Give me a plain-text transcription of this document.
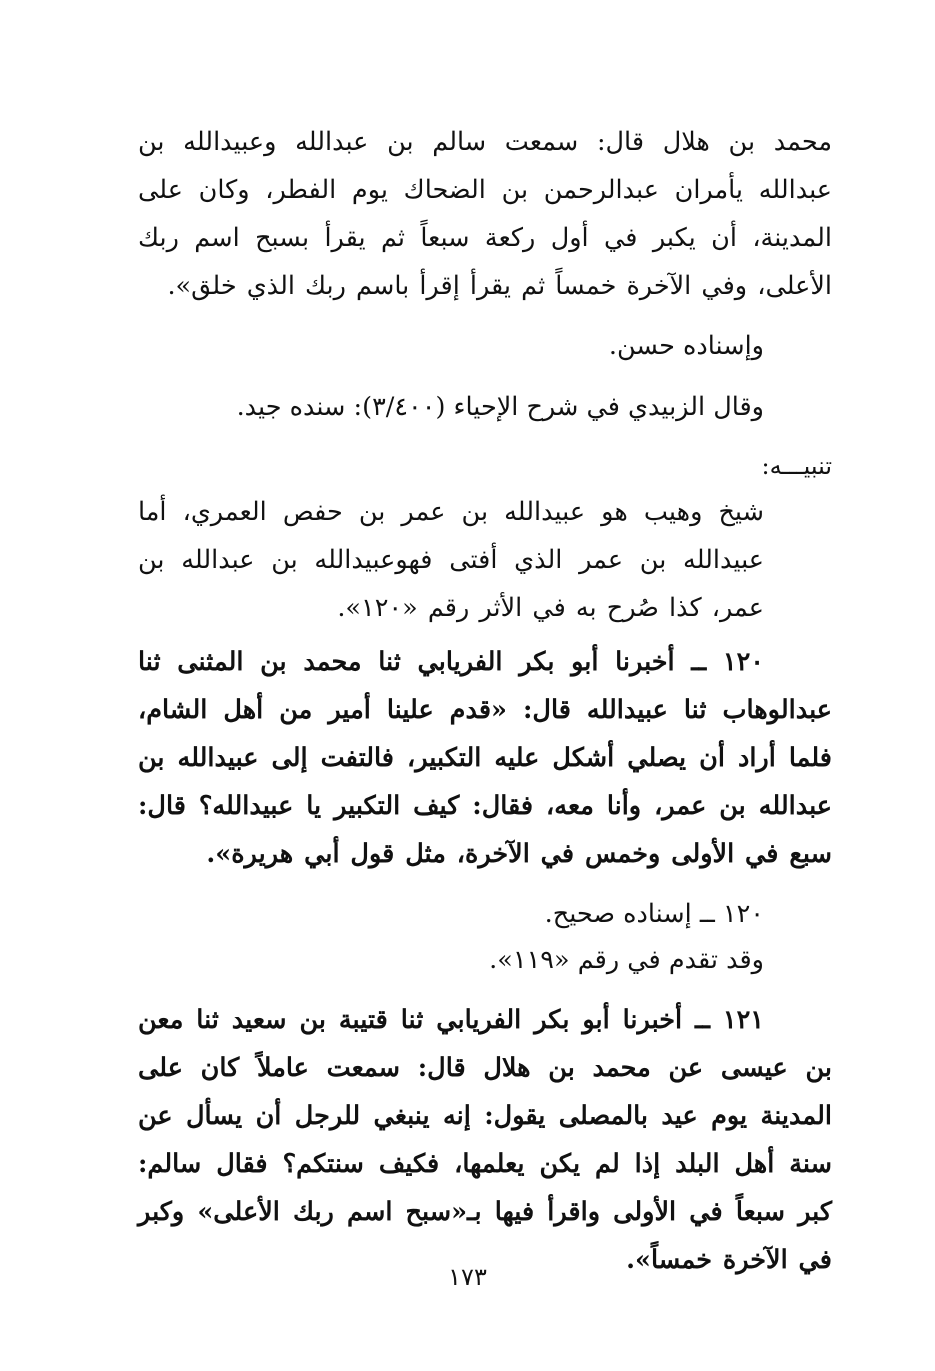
محمد بن هلال قال: سمعت سالم بن عبدالله وعبيدالله بن عبدالله يأمران عبدالرحمن بن الضحاك يوم الفطر، وكان على المدينة، أن يكبر في أول ركعة سبعاً ثم يقرأ بسبح اسم ربك الأعلى، وفي الآخرة خمساً ثم يقرأ إقرأ باسم ربك الذي خلق».

وإسناده حسن.

وقال الزبيدي في شرح الإحياء (٣/٤٠٠): سنده جيد.

تنبيـــه:

شيخ وهيب هو عبيدالله بن عمر بن حفص العمري، أما عبيدالله بن عمر الذي أفتى فهوعبيدالله بن عبدالله بن عمر، كذا صُرح به في الأثر رقم «١٢٠».

١٢٠ ــ أخبرنا أبو بكر الفريابي ثنا محمد بن المثنى ثنا عبدالوهاب ثنا عبيدالله قال: «قدم علينا أمير من أهل الشام، فلما أراد أن يصلي أشكل عليه التكبير، فالتفت إلى عبيدالله بن عبدالله بن عمر، وأنا معه، فقال: كيف التكبير يا عبيدالله؟ قال: سبع في الأولى وخمس في الآخرة، مثل قول أبي هريرة».

١٢٠ ــ إسناده صحيح.

وقد تقدم في رقم «١١٩».

١٢١ ــ أخبرنا أبو بكر الفريابي ثنا قتيبة بن سعيد ثنا معن بن عيسى عن محمد بن هلال قال: سمعت عاملاً كان على المدينة يوم عيد بالمصلى يقول: إنه ينبغي للرجل أن يسأل عن سنة أهل البلد إذا لم يكن يعلمها، فكيف سنتكم؟ فقال سالم: كبر سبعاً في الأولى واقرأ فيها بـ«سبح اسم ربك الأعلى» وكبر في الآخرة خمساً».

١٧٣
